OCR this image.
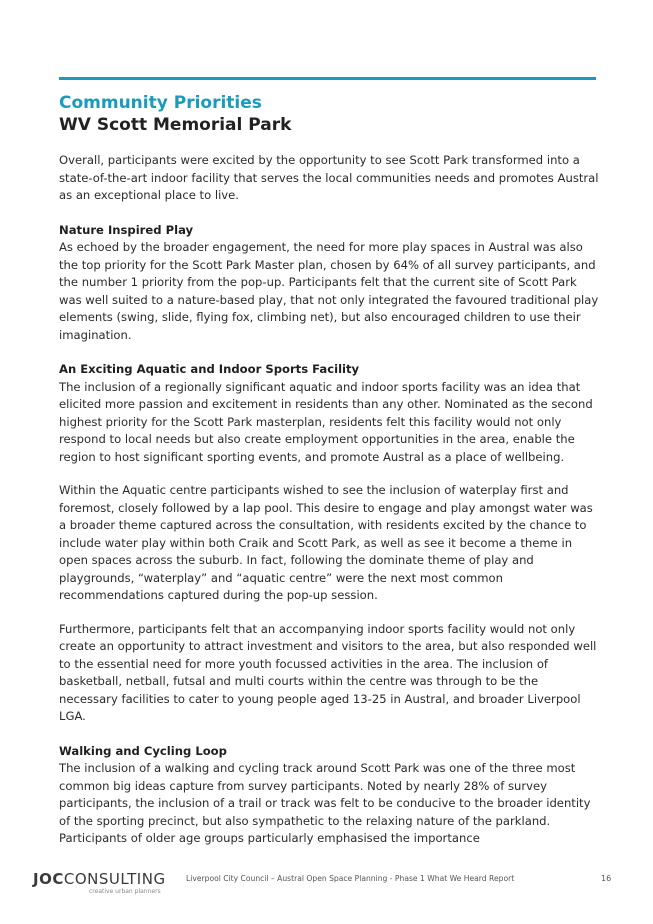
Community Priorities
WV Scott Memorial Park

Overall, participants were excited by the opportunity to see Scott Park transformed into a state-of-the-art indoor facility that serves the local communities needs and promotes Austral as an exceptional place to live.

Nature Inspired Play

As echoed by the broader engagement, the need for more play spaces in Austral was also the top priority for the Scott Park Master plan, chosen by 64% of all survey participants, and the number 1 priority from the pop-up. Participants felt that the current site of Scott Park was well suited to a nature-based play, that not only integrated the favoured traditional play elements (swing, slide, flying fox, climbing net), but also encouraged children to use their imagination.

An Exciting Aquatic and Indoor Sports Facility

The inclusion of a regionally significant aquatic and indoor sports facility was an idea that elicited more passion and excitement in residents than any other. Nominated as the second highest priority for the Scott Park masterplan, residents felt this facility would not only respond to local needs but also create employment opportunities in the area, enable the region to host significant sporting events, and promote Austral as a place of wellbeing.

Within the Aquatic centre participants wished to see the inclusion of waterplay first and foremost, closely followed by a lap pool. This desire to engage and play amongst water was a broader theme captured across the consultation, with residents excited by the chance to include water play within both Craik and Scott Park, as well as see it become a theme in open spaces across the suburb. In fact, following the dominate theme of play and playgrounds, “waterplay” and “aquatic centre” were the next most common recommendations captured during the pop-up session.

Furthermore, participants felt that an accompanying indoor sports facility would not only create an opportunity to attract investment and visitors to the area, but also responded well to the essential need for more youth focussed activities in the area. The inclusion of basketball, netball, futsal and multi courts within the centre was through to be the necessary facilities to cater to young people aged 13-25 in Austral, and broader Liverpool LGA.

Walking and Cycling Loop

The inclusion of a walking and cycling track around Scott Park was one of the three most common big ideas capture from survey participants. Noted by nearly 28% of survey participants, the inclusion of a trail or track was felt to be conducive to the broader identity of the sporting precinct, but also sympathetic to the relaxing nature of the parkland. Participants of older age groups particularly emphasised the importance

JOCCONSULTING
creative urban planners
Liverpool City Council – Austral Open Space Planning - Phase 1 What We Heard Report	16
